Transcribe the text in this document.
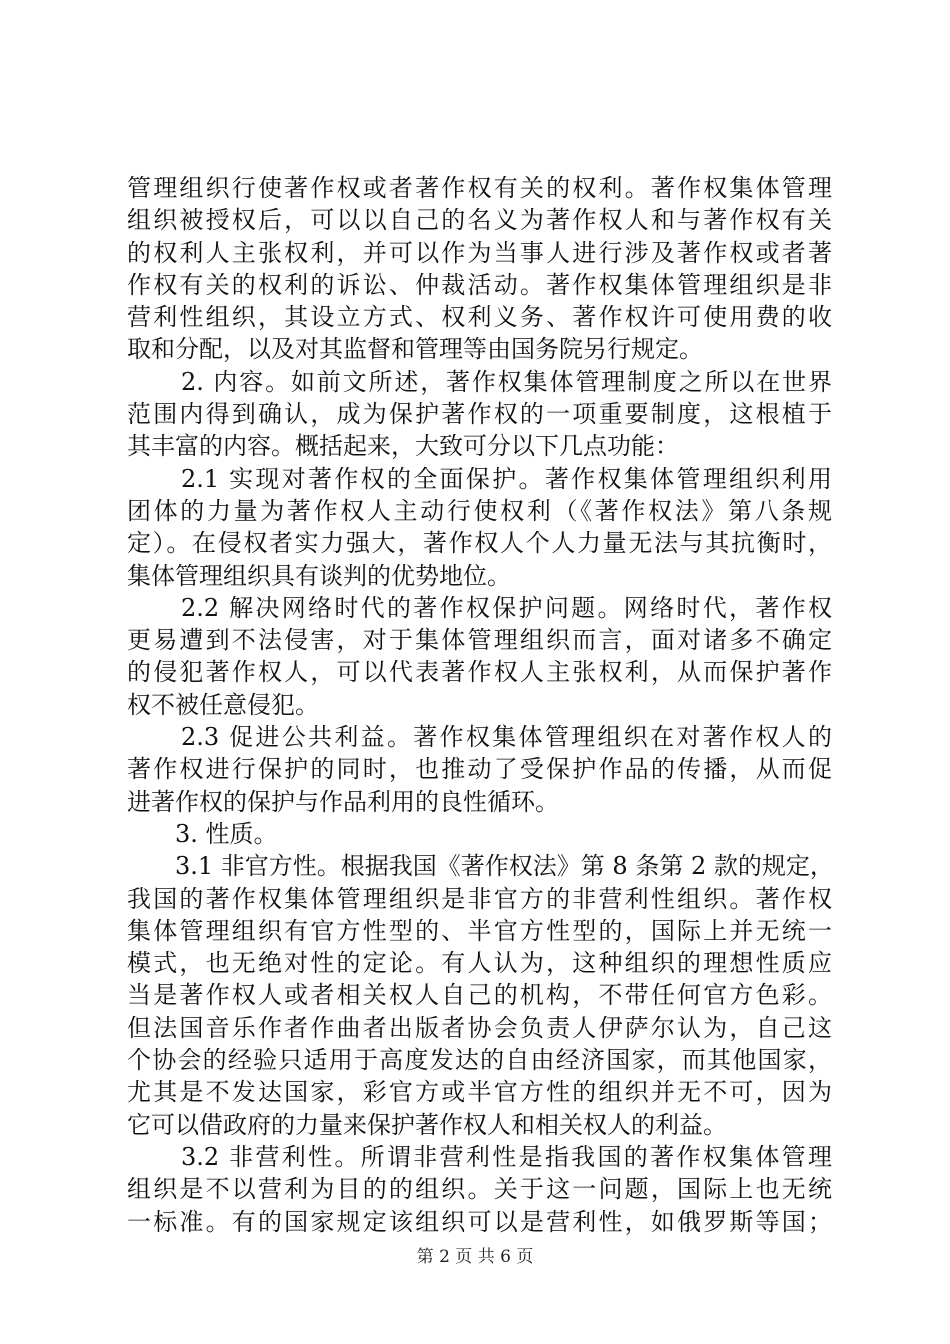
管理组织行使著作权或者著作权有关的权利。著作权集体管理
组织被授权后，可以以自己的名义为著作权人和与著作权有关
的权利人主张权利，并可以作为当事人进行涉及著作权或者著
作权有关的权利的诉讼、仲裁活动。著作权集体管理组织是非
营利性组织，其设立方式、权利义务、著作权许可使用费的收
取和分配，以及对其监督和管理等由国务院另行规定。
2. 内容。如前文所述，著作权集体管理制度之所以在世界
范围内得到确认，成为保护著作权的一项重要制度，这根植于
其丰富的内容。概括起来，大致可分以下几点功能：
2.1 实现对著作权的全面保护。著作权集体管理组织利用
团体的力量为著作权人主动行使权利（《著作权法》第八条规
定）。在侵权者实力强大，著作权人个人力量无法与其抗衡时，
集体管理组织具有谈判的优势地位。
2.2 解决网络时代的著作权保护问题。网络时代，著作权
更易遭到不法侵害，对于集体管理组织而言，面对诸多不确定
的侵犯著作权人，可以代表著作权人主张权利，从而保护著作
权不被任意侵犯。
2.3 促进公共利益。著作权集体管理组织在对著作权人的
著作权进行保护的同时，也推动了受保护作品的传播，从而促
进著作权的保护与作品利用的良性循环。
3. 性质。
3.1 非官方性。根据我国《著作权法》第 8 条第 2 款的规定，
我国的著作权集体管理组织是非官方的非营利性组织。著作权
集体管理组织有官方性型的、半官方性型的，国际上并无统一
模式，也无绝对性的定论。有人认为，这种组织的理想性质应
当是著作权人或者相关权人自己的机构，不带任何官方色彩。
但法国音乐作者作曲者出版者协会负责人伊萨尔认为，自己这
个协会的经验只适用于高度发达的自由经济国家，而其他国家，
尤其是不发达国家，彩官方或半官方性的组织并无不可，因为
它可以借政府的力量来保护著作权人和相关权人的利益。
3.2 非营利性。所谓非营利性是指我国的著作权集体管理
组织是不以营利为目的的组织。关于这一问题，国际上也无统
一标准。有的国家规定该组织可以是营利性，如俄罗斯等国；
第 2 页 共 6 页
